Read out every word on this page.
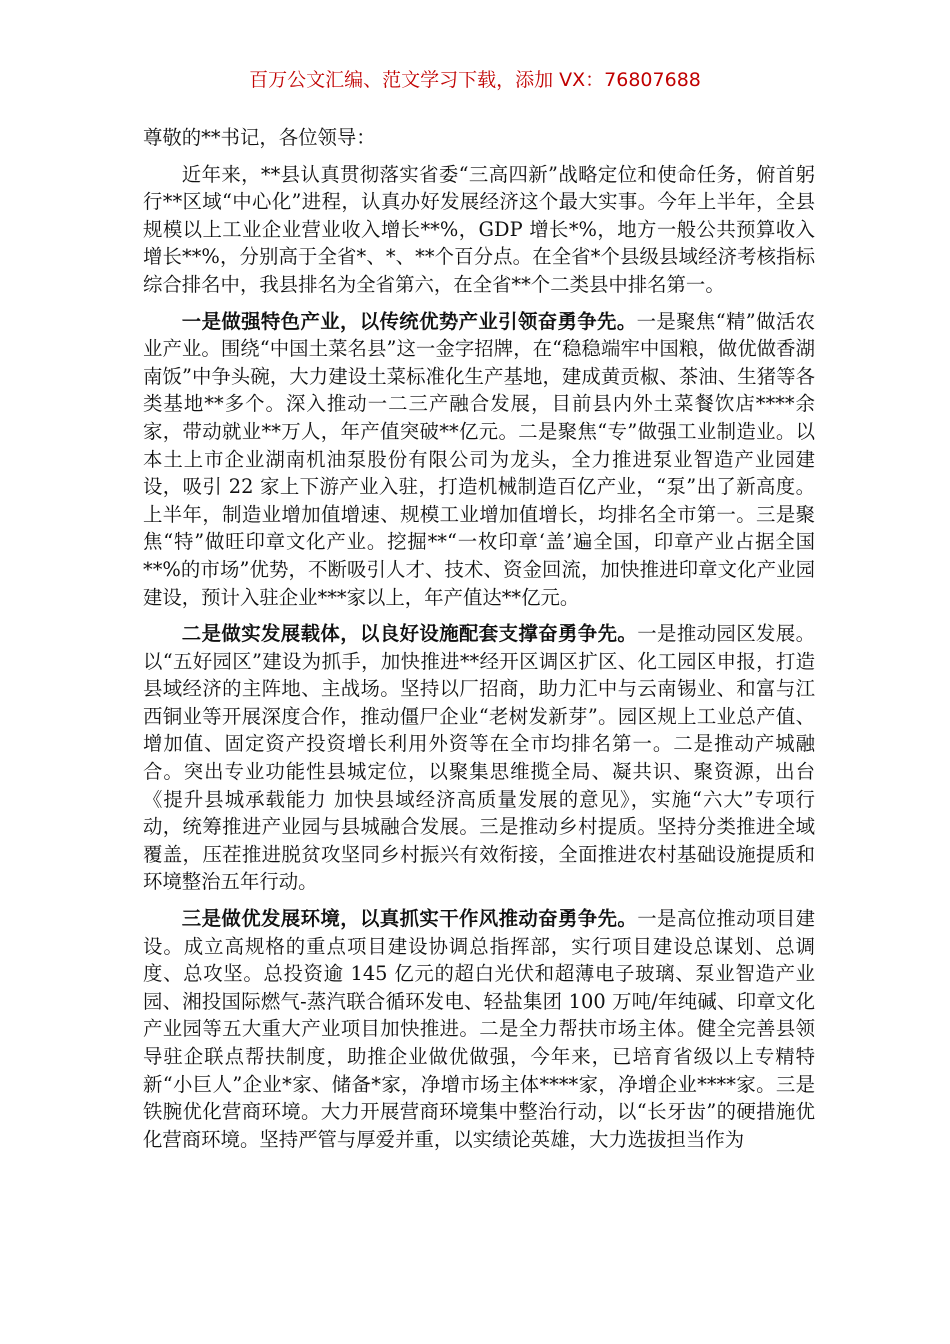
百万公文汇编、范文学习下载，添加 VX：76807688

尊敬的**书记，各位领导：

近年来，**县认真贯彻落实省委“三高四新”战略定位和使命任务，俯首躬行**区域“中心化”进程，认真办好发展经济这个最大实事。今年上半年，全县规模以上工业企业营业收入增长**%，GDP 增长*%，地方一般公共预算收入增长**%，分别高于全省*、*、**个百分点。在全省*个县级县域经济考核指标综合排名中，我县排名为全省第六，在全省**个二类县中排名第一。

一是做强特色产业，以传统优势产业引领奋勇争先。一是聚焦“精”做活农业产业。围绕“中国土菜名县”这一金字招牌，在“稳稳端牢中国粮，做优做香湖南饭”中争头碗，大力建设土菜标准化生产基地，建成黄贡椒、茶油、生猪等各类基地**多个。深入推动一二三产融合发展，目前县内外土菜餐饮店****余家，带动就业**万人，年产值突破**亿元。二是聚焦“专”做强工业制造业。以本土上市企业湖南机油泵股份有限公司为龙头，全力推进泵业智造产业园建设，吸引 22 家上下游产业入驻，打造机械制造百亿产业，“泵”出了新高度。上半年，制造业增加值增速、规模工业增加值增长，均排名全市第一。三是聚焦“特”做旺印章文化产业。挖掘**“一枚印章‘盖’遍全国，印章产业占据全国**%的市场”优势，不断吸引人才、技术、资金回流，加快推进印章文化产业园建设，预计入驻企业***家以上，年产值达**亿元。

二是做实发展载体，以良好设施配套支撑奋勇争先。一是推动园区发展。以“五好园区”建设为抓手，加快推进**经开区调区扩区、化工园区申报，打造县域经济的主阵地、主战场。坚持以厂招商，助力汇中与云南锡业、和富与江西铜业等开展深度合作，推动僵尸企业“老树发新芽”。园区规上工业总产值、增加值、固定资产投资增长利用外资等在全市均排名第一。二是推动产城融合。突出专业功能性县城定位，以聚集思维揽全局、凝共识、聚资源，出台《提升县城承载能力 加快县域经济高质量发展的意见》，实施“六大”专项行动，统筹推进产业园与县城融合发展。三是推动乡村提质。坚持分类推进全域覆盖，压茬推进脱贫攻坚同乡村振兴有效衔接，全面推进农村基础设施提质和环境整治五年行动。

三是做优发展环境，以真抓实干作风推动奋勇争先。一是高位推动项目建设。成立高规格的重点项目建设协调总指挥部，实行项目建设总谋划、总调度、总攻坚。总投资逾 145 亿元的超白光伏和超薄电子玻璃、泵业智造产业园、湘投国际燃气-蒸汽联合循环发电、轻盐集团 100 万吨/年纯碱、印章文化产业园等五大重大产业项目加快推进。二是全力帮扶市场主体。健全完善县领导驻企联点帮扶制度，助推企业做优做强，今年来，已培育省级以上专精特新“小巨人”企业*家、储备*家，净增市场主体****家，净增企业****家。三是铁腕优化营商环境。大力开展营商环境集中整治行动，以“长牙齿”的硬措施优化营商环境。坚持严管与厚爱并重，以实绩论英雄，大力选拔担当作为
